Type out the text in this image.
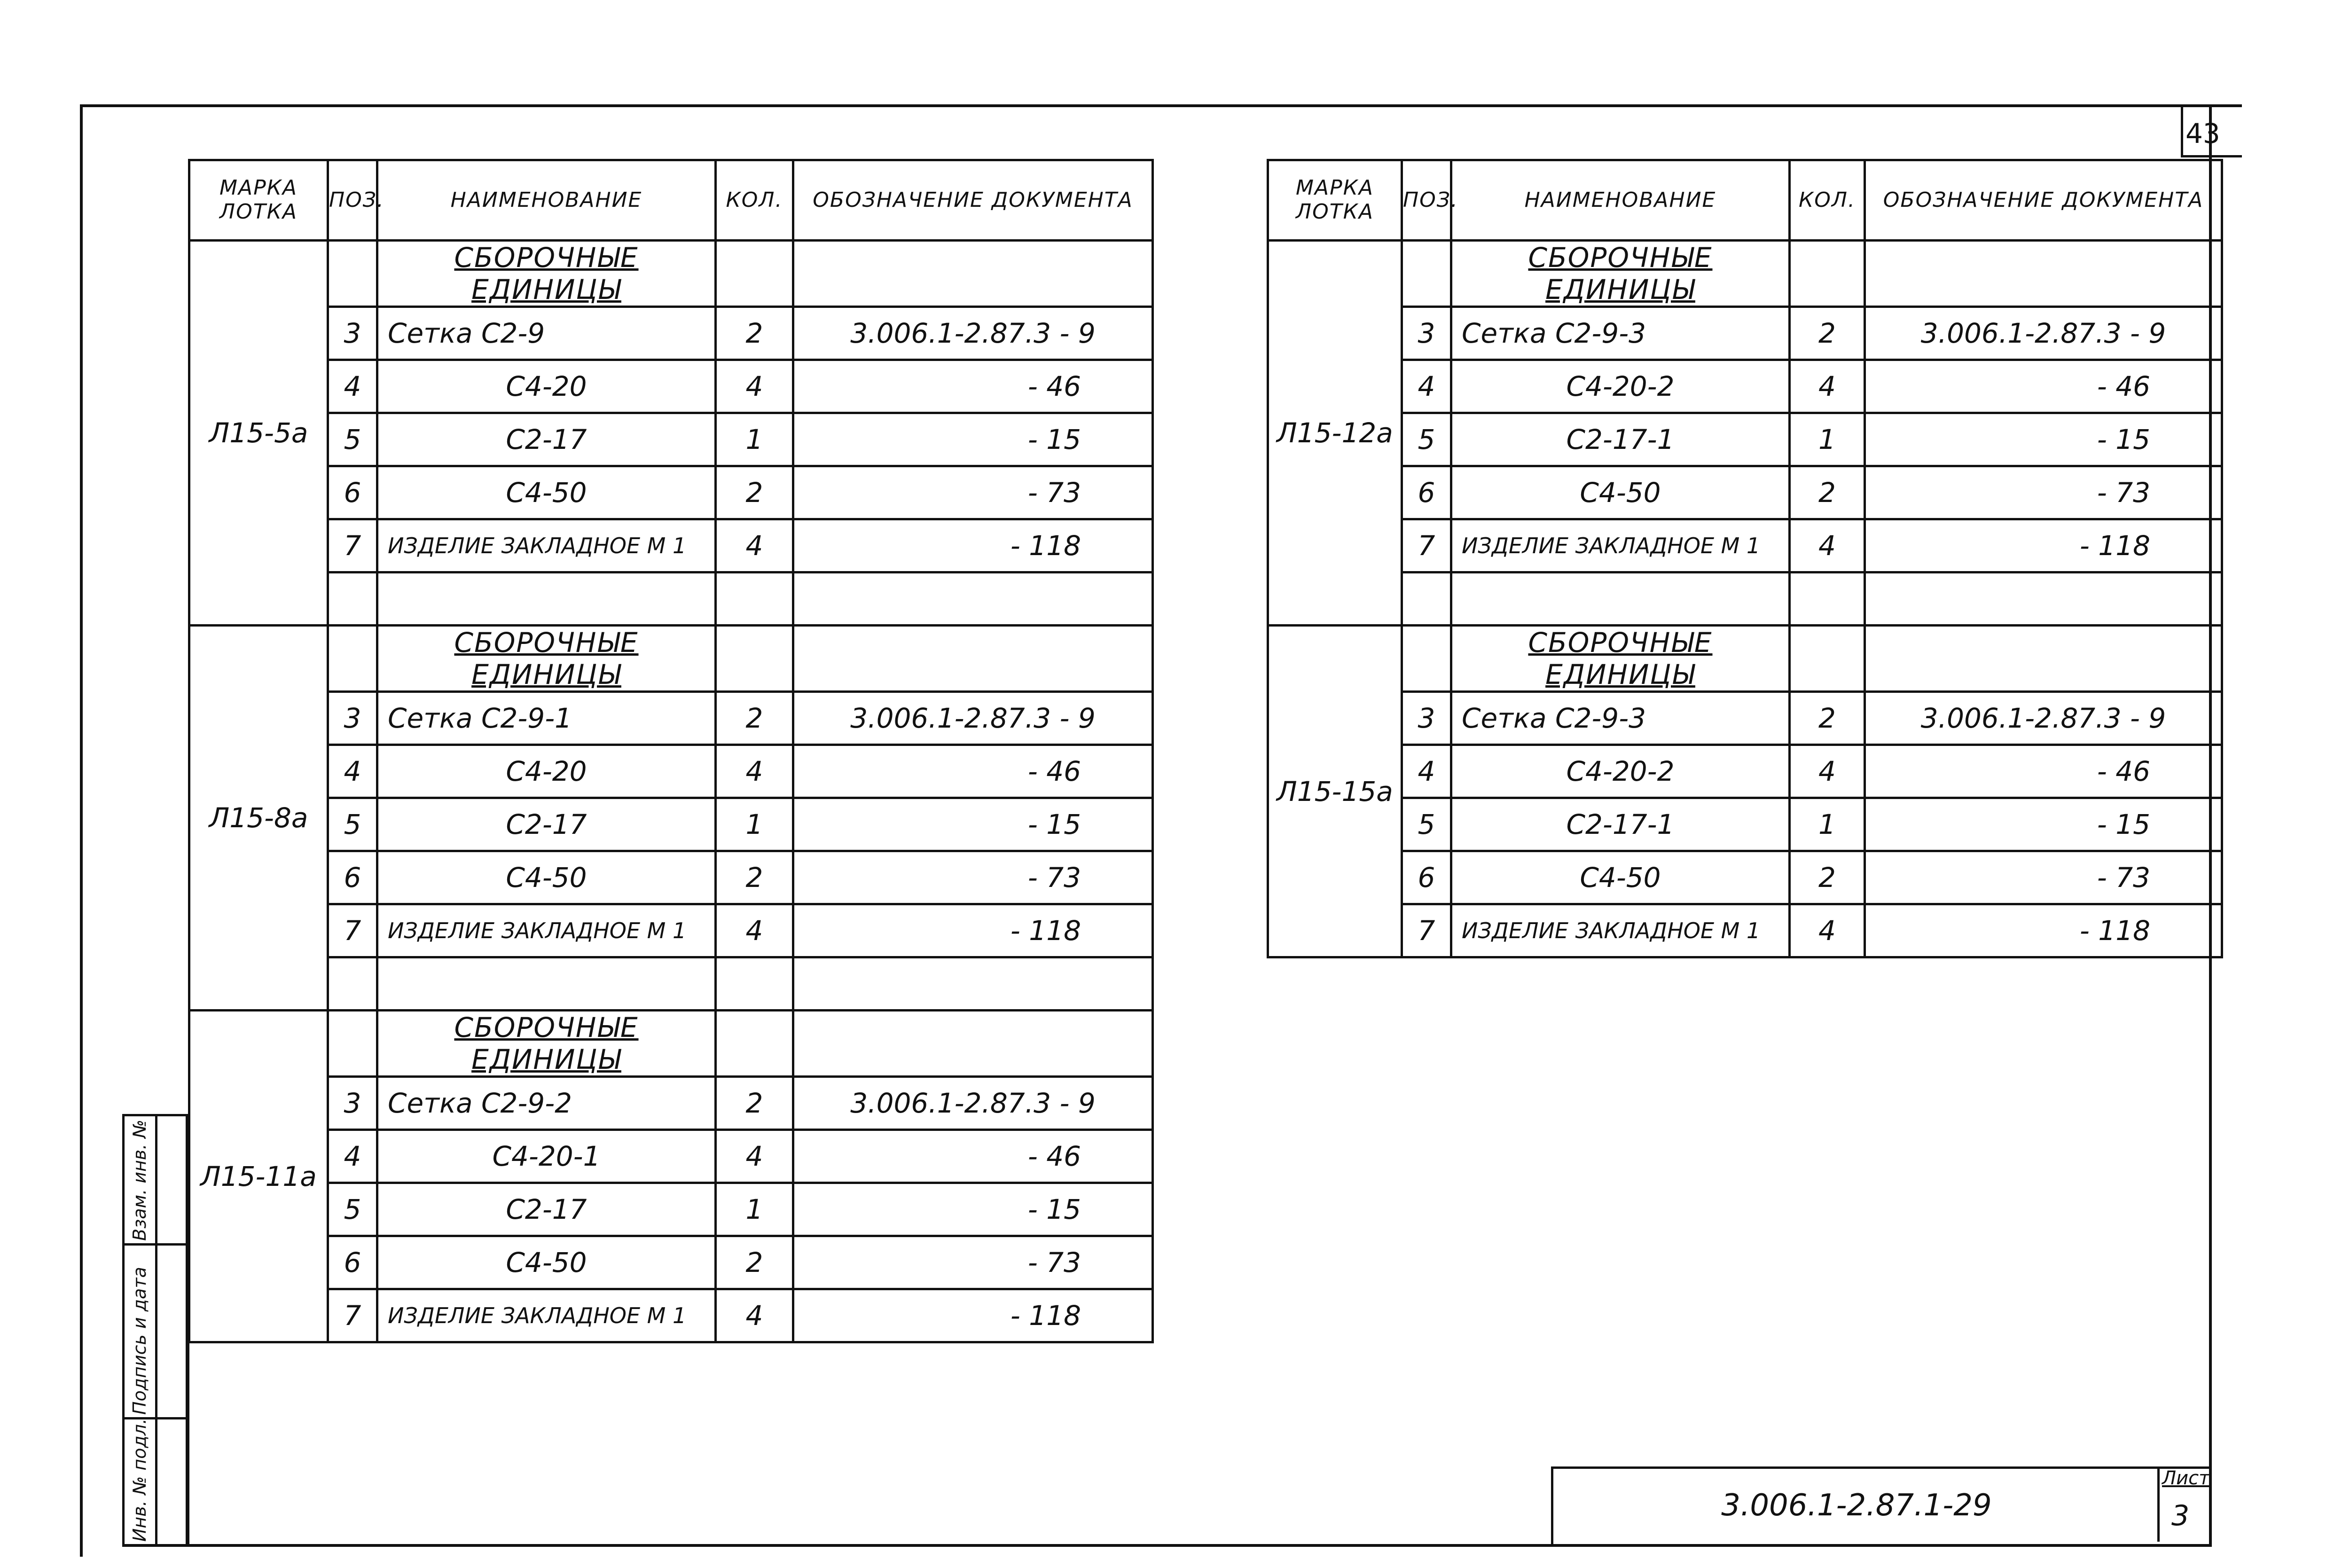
43
МАРКА ЛОТКА	ПОЗ.	НАИМЕНОВАНИЕ	КОЛ.	ОБОЗНАЧЕНИЕ ДОКУМЕНТА
Л15-5а		СБОРОЧНЫЕ ЕДИНИЦЫ		
	3	Сетка С2-9	2	3.006.1-2.87.3 - 9
	4	С4-20	4	- 46
	5	С2-17	1	- 15
	6	С4-50	2	- 73
	7	ИЗДЕЛИЕ ЗАКЛАДНОЕ М 1	4	- 118

Л15-8а		СБОРОЧНЫЕ ЕДИНИЦЫ		
	3	Сетка С2-9-1	2	3.006.1-2.87.3 - 9
	4	С4-20	4	- 46
	5	С2-17	1	- 15
	6	С4-50	2	- 73
	7	ИЗДЕЛИЕ ЗАКЛАДНОЕ М 1	4	- 118

Л15-11а		СБОРОЧНЫЕ ЕДИНИЦЫ		
	3	Сетка С2-9-2	2	3.006.1-2.87.3 - 9
	4	С4-20-1	4	- 46
	5	С2-17	1	- 15
	6	С4-50	2	- 73
	7	ИЗДЕЛИЕ ЗАКЛАДНОЕ М 1	4	- 118
МАРКА ЛОТКА	ПОЗ.	НАИМЕНОВАНИЕ	КОЛ.	ОБОЗНАЧЕНИЕ ДОКУМЕНТА
Л15-12а		СБОРОЧНЫЕ ЕДИНИЦЫ		
	3	Сетка С2-9-3	2	3.006.1-2.87.3 - 9
	4	С4-20-2	4	- 46
	5	С2-17-1	1	- 15
	6	С4-50	2	- 73
	7	ИЗДЕЛИЕ ЗАКЛАДНОЕ М 1	4	- 118

Л15-15а		СБОРОЧНЫЕ ЕДИНИЦЫ		
	3	Сетка С2-9-3	2	3.006.1-2.87.3 - 9
	4	С4-20-2	4	- 46
	5	С2-17-1	1	- 15
	6	С4-50	2	- 73
	7	ИЗДЕЛИЕ ЗАКЛАДНОЕ М 1	4	- 118
Взам. инв. №
Подпись и дата
Инв. № подл.	3.006.1-2.87.1-29
Лист
3
